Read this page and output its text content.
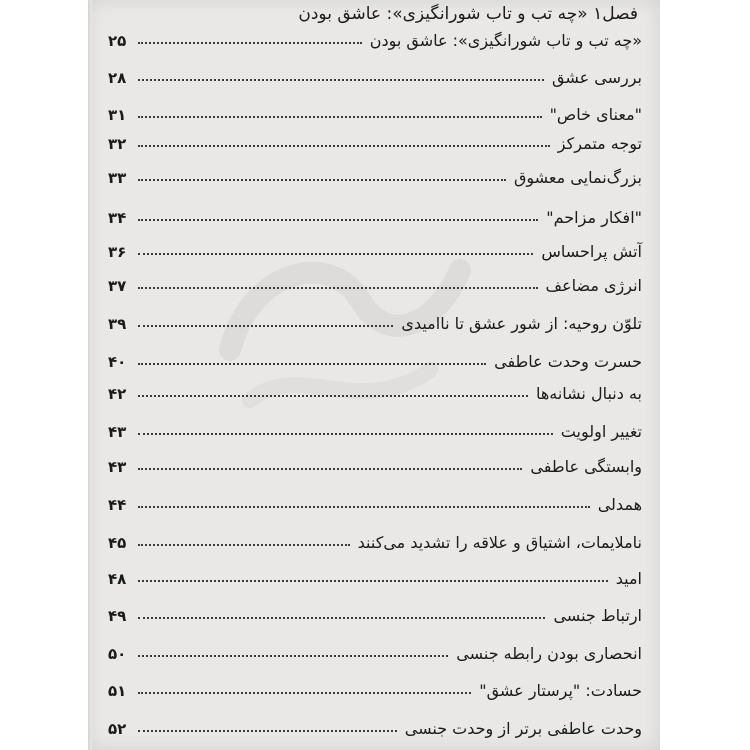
فصل۱ «چه تب و تاب شورانگیزی»: عاشق بودن
«چه تب و تاب شورانگیزی»: عاشق بودن
۲۵
بررسی عشق
۲۸
"معنای خاص"
۳۱
توجه متمرکز
۳۲
بزرگ‌نمایی معشوق
۳۳
"افکار مزاحم"
۳۴
آتش پراحساس
۳۶
انرژی مضاعف
۳۷
تلوّن روحیه: از شور عشق تا ناامیدی
۳۹
حسرت وحدت عاطفی
۴۰
به دنبال نشانه‌ها
۴۲
تغییر اولویت
۴۳
وابستگی عاطفی
۴۳
همدلی
۴۴
ناملایمات، اشتیاق و علاقه را تشدید می‌کنند
۴۵
امید
۴۸
ارتباط جنسی
۴۹
انحصاری بودن رابطه جنسی
۵۰
حسادت: "پرستار عشق"
۵۱
وحدت عاطفی برتر از وحدت جنسی
۵۲
